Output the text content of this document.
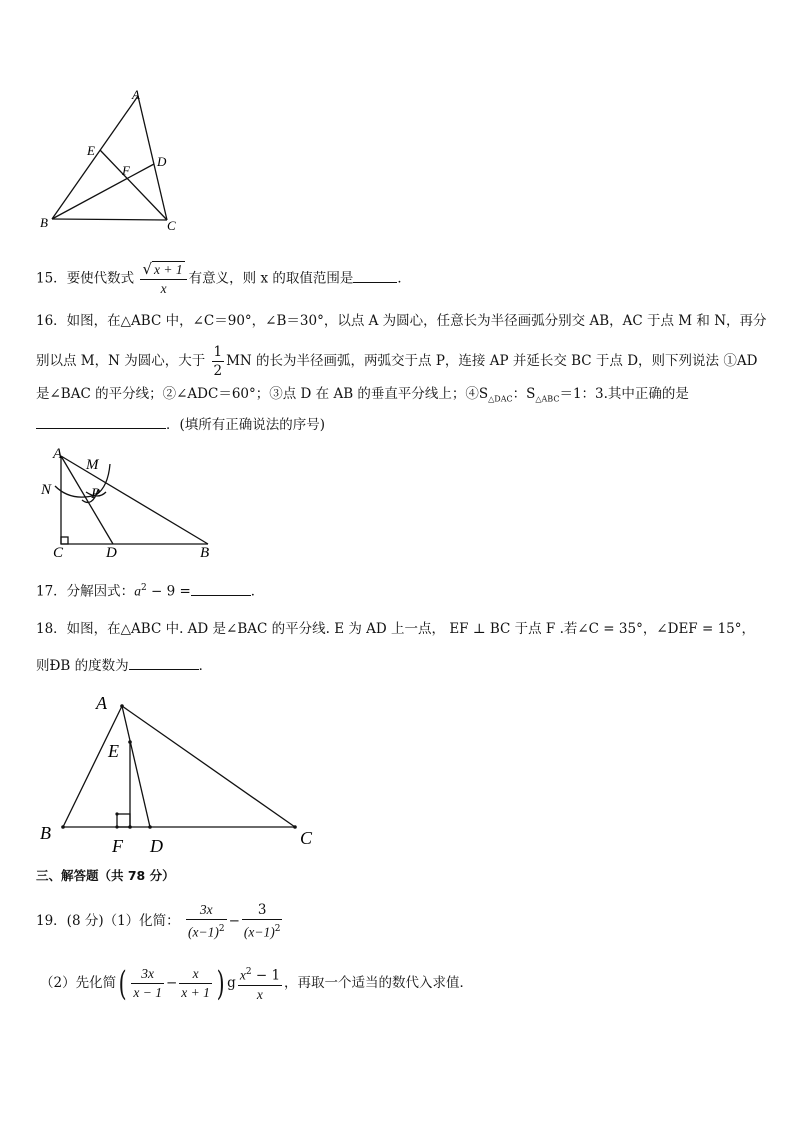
A
E
F
D
B	C
15．要使代数式 $\frac{√ x + 1}{x}$ 有意义，则 x 的取值范围是	．
16．如图，在△ABC 中，∠C＝90°，∠B＝30°，以点 A 为圆心，任意长为半径画弧分别交 AB，AC 于点 M 和 N，再分
别以点 M，N 为圆心，大于 $\frac{1}{2}$ MN 的长为半径画弧，两弧交于点 P，连接 AP 并延长交 BC 于点 D，则下列说法 ①AD
是∠BAC 的平分线；②∠ADC＝60°；③点 D 在 AB 的垂直平分线上；$④S_{\triangle DAC}$：$S_{\triangle ABC}=1$：3.其中正确的是
．(填所有正确说法的序号)
A
M
N	P
C	D	B
17．分解因式：$a^2 - 9$ =	．
18．如图，在△ABC 中. AD 是∠BAC 的平分线. E 为 AD 上一点， EF ⊥ BC 于点 F .若∠C = 35°，∠DEF = 15°，
则ÐB 的度数为	．
A
E
B
F D	C
三、解答题（共 78 分）
19．(8 分)（1）化简： $\frac{3x}{(x-1)^2} - \frac{3}{(x-1)^2}$
（2）先化简( $\frac{3x}{x - 1} - \frac{x}{x + 1}$ ) g $\frac{x^2 - 1}{x}$ ，再取一个适当的数代入求值．
